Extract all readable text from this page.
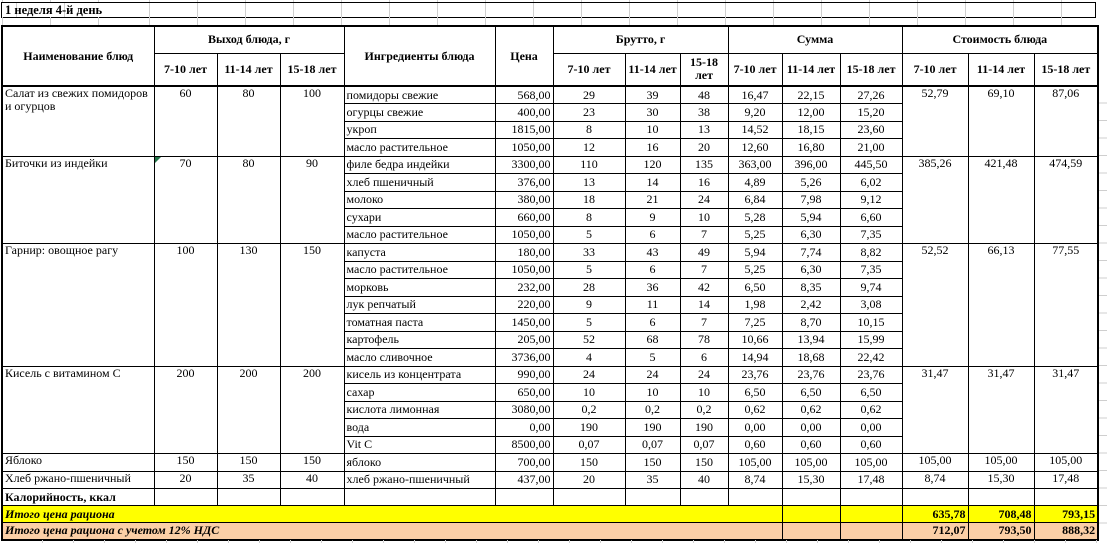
1 неделя 4-й день
Наименование блюд	Выход блюда, г			Ингредиенты блюда	Цена	Брутто, г			Сумма			Стоимость блюда		
	7-10 лет	11-14 лет	15-18 лет			7-10 лет	11-14 лет	15-18 лет	7-10 лет	11-14 лет	15-18 лет	7-10 лет	11-14 лет	15-18 лет
Салат из свежих помидоров и огурцов	60	80	100	помидоры свежие	568,00	29	39	48	16,47	22,15	27,26	52,79	69,10	87,06
				огурцы свежие	400,00	23	30	38	9,20	12,00	15,20			
				укроп	1815,00	8	10	13	14,52	18,15	23,60			
				масло растительное	1050,00	12	16	20	12,60	16,80	21,00			
Биточки из индейки	70	80	90	филе бедра индейки	3300,00	110	120	135	363,00	396,00	445,50	385,26	421,48	474,59
				хлеб пшеничный	376,00	13	14	16	4,89	5,26	6,02			
				молоко	380,00	18	21	24	6,84	7,98	9,12			
				сухари	660,00	8	9	10	5,28	5,94	6,60			
				масло растительное	1050,00	5	6	7	5,25	6,30	7,35			
Гарнир: овощное рагу	100	130	150	капуста	180,00	33	43	49	5,94	7,74	8,82	52,52	66,13	77,55
				масло растительное	1050,00	5	6	7	5,25	6,30	7,35			
				морковь	232,00	28	36	42	6,50	8,35	9,74			
				лук репчатый	220,00	9	11	14	1,98	2,42	3,08			
				томатная паста	1450,00	5	6	7	7,25	8,70	10,15			
				картофель	205,00	52	68	78	10,66	13,94	15,99			
				масло сливочное	3736,00	4	5	6	14,94	18,68	22,42			
Кисель с витамином С	200	200	200	кисель из концентрата	990,00	24	24	24	23,76	23,76	23,76	31,47	31,47	31,47
				сахар	650,00	10	10	10	6,50	6,50	6,50			
				кислота лимонная	3080,00	0,2	0,2	0,2	0,62	0,62	0,62			
				вода	0,00	190	190	190	0,00	0,00	0,00			
				Vit C	8500,00	0,07	0,07	0,07	0,60	0,60	0,60			
Яблоко	150	150	150	яблоко	700,00	150	150	150	105,00	105,00	105,00	105,00	105,00	105,00
Хлеб ржано-пшеничный	20	35	40	хлеб ржано-пшеничный	437,00	20	35	40	8,74	15,30	17,48	8,74	15,30	17,48
Калорийность, ккал														
Итого цена рациона												635,78	708,48	793,15
Итого цена рациона с учетом 12% НДС												712,07	793,50	888,32
